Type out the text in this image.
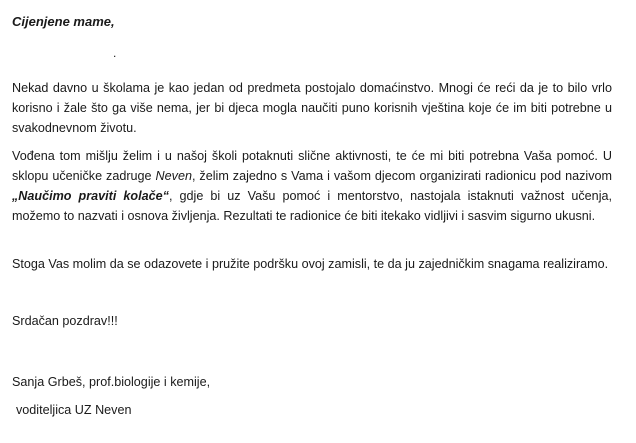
Cijenjene mame,

.

Nekad davno u školama je kao jedan od predmeta postojalo domaćinstvo. Mnogi će reći da je to bilo vrlo korisno i žale što ga više nema, jer bi djeca mogla naučiti puno korisnih vještina koje će im biti potrebne u svakodnevnom životu.

Vođena tom mišlju želim i u našoj školi potaknuti slične aktivnosti, te će mi biti potrebna Vaša pomoć. U sklopu učeničke zadruge Neven, želim zajedno s Vama i vašom djecom organizirati radionicu pod nazivom „Naučimo praviti kolače“, gdje bi uz Vašu pomoć i mentorstvo, nastojala istaknuti važnost učenja, možemo to nazvati i osnova življenja. Rezultati te radionice će biti itekako vidljivi i sasvim sigurno ukusni.

Stoga Vas molim da se odazovete i pružite podršku ovoj zamisli, te da ju zajedničkim snagama realiziramo.

Srdačan pozdrav!!!

Sanja Grbeš, prof.biologije i kemije,

voditeljica UZ Neven
